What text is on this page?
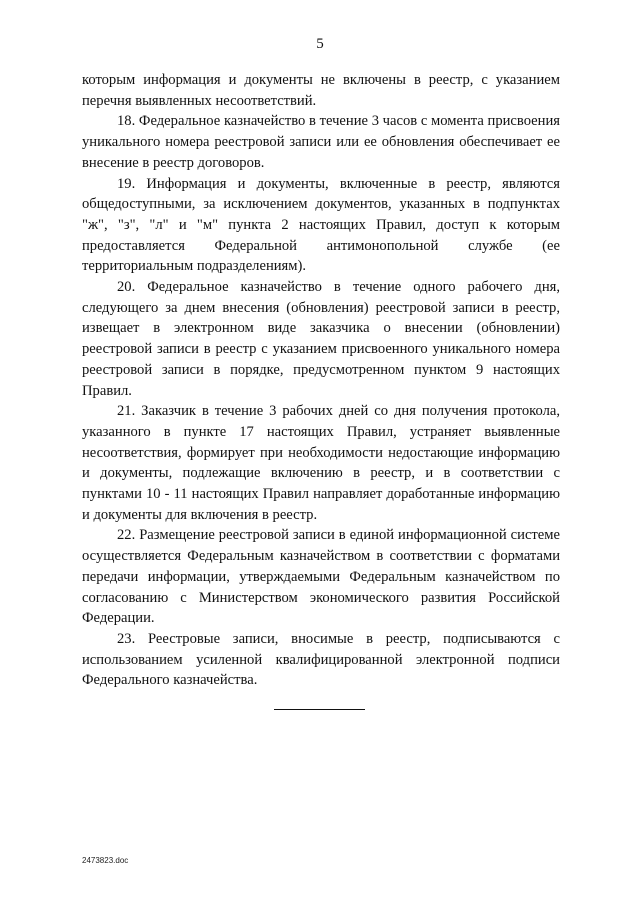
5

которым информация и документы не включены в реестр, с указанием перечня выявленных несоответствий.

18. Федеральное казначейство в течение 3 часов с момента присвоения уникального номера реестровой записи или ее обновления обеспечивает ее внесение в реестр договоров.

19. Информация и документы, включенные в реестр, являются общедоступными, за исключением документов, указанных в подпунктах "ж", "з", "л" и "м" пункта 2 настоящих Правил, доступ к которым предоставляется Федеральной антимонопольной службе (ее территориальным подразделениям).

20. Федеральное казначейство в течение одного рабочего дня, следующего за днем внесения (обновления) реестровой записи в реестр, извещает в электронном виде заказчика о внесении (обновлении) реестровой записи в реестр с указанием присвоенного уникального номера реестровой записи в порядке, предусмотренном пунктом 9 настоящих Правил.

21. Заказчик в течение 3 рабочих дней со дня получения протокола, указанного в пункте 17 настоящих Правил, устраняет выявленные несоответствия, формирует при необходимости недостающие информацию и документы, подлежащие включению в реестр, и в соответствии с пунктами 10 - 11 настоящих Правил направляет доработанные информацию и документы для включения в реестр.

22. Размещение реестровой записи в единой информационной системе осуществляется Федеральным казначейством в соответствии с форматами передачи информации, утверждаемыми Федеральным казначейством по согласованию с Министерством экономического развития Российской Федерации.

23. Реестровые записи, вносимые в реестр, подписываются с использованием усиленной квалифицированной электронной подписи Федерального казначейства.

2473823.doc
